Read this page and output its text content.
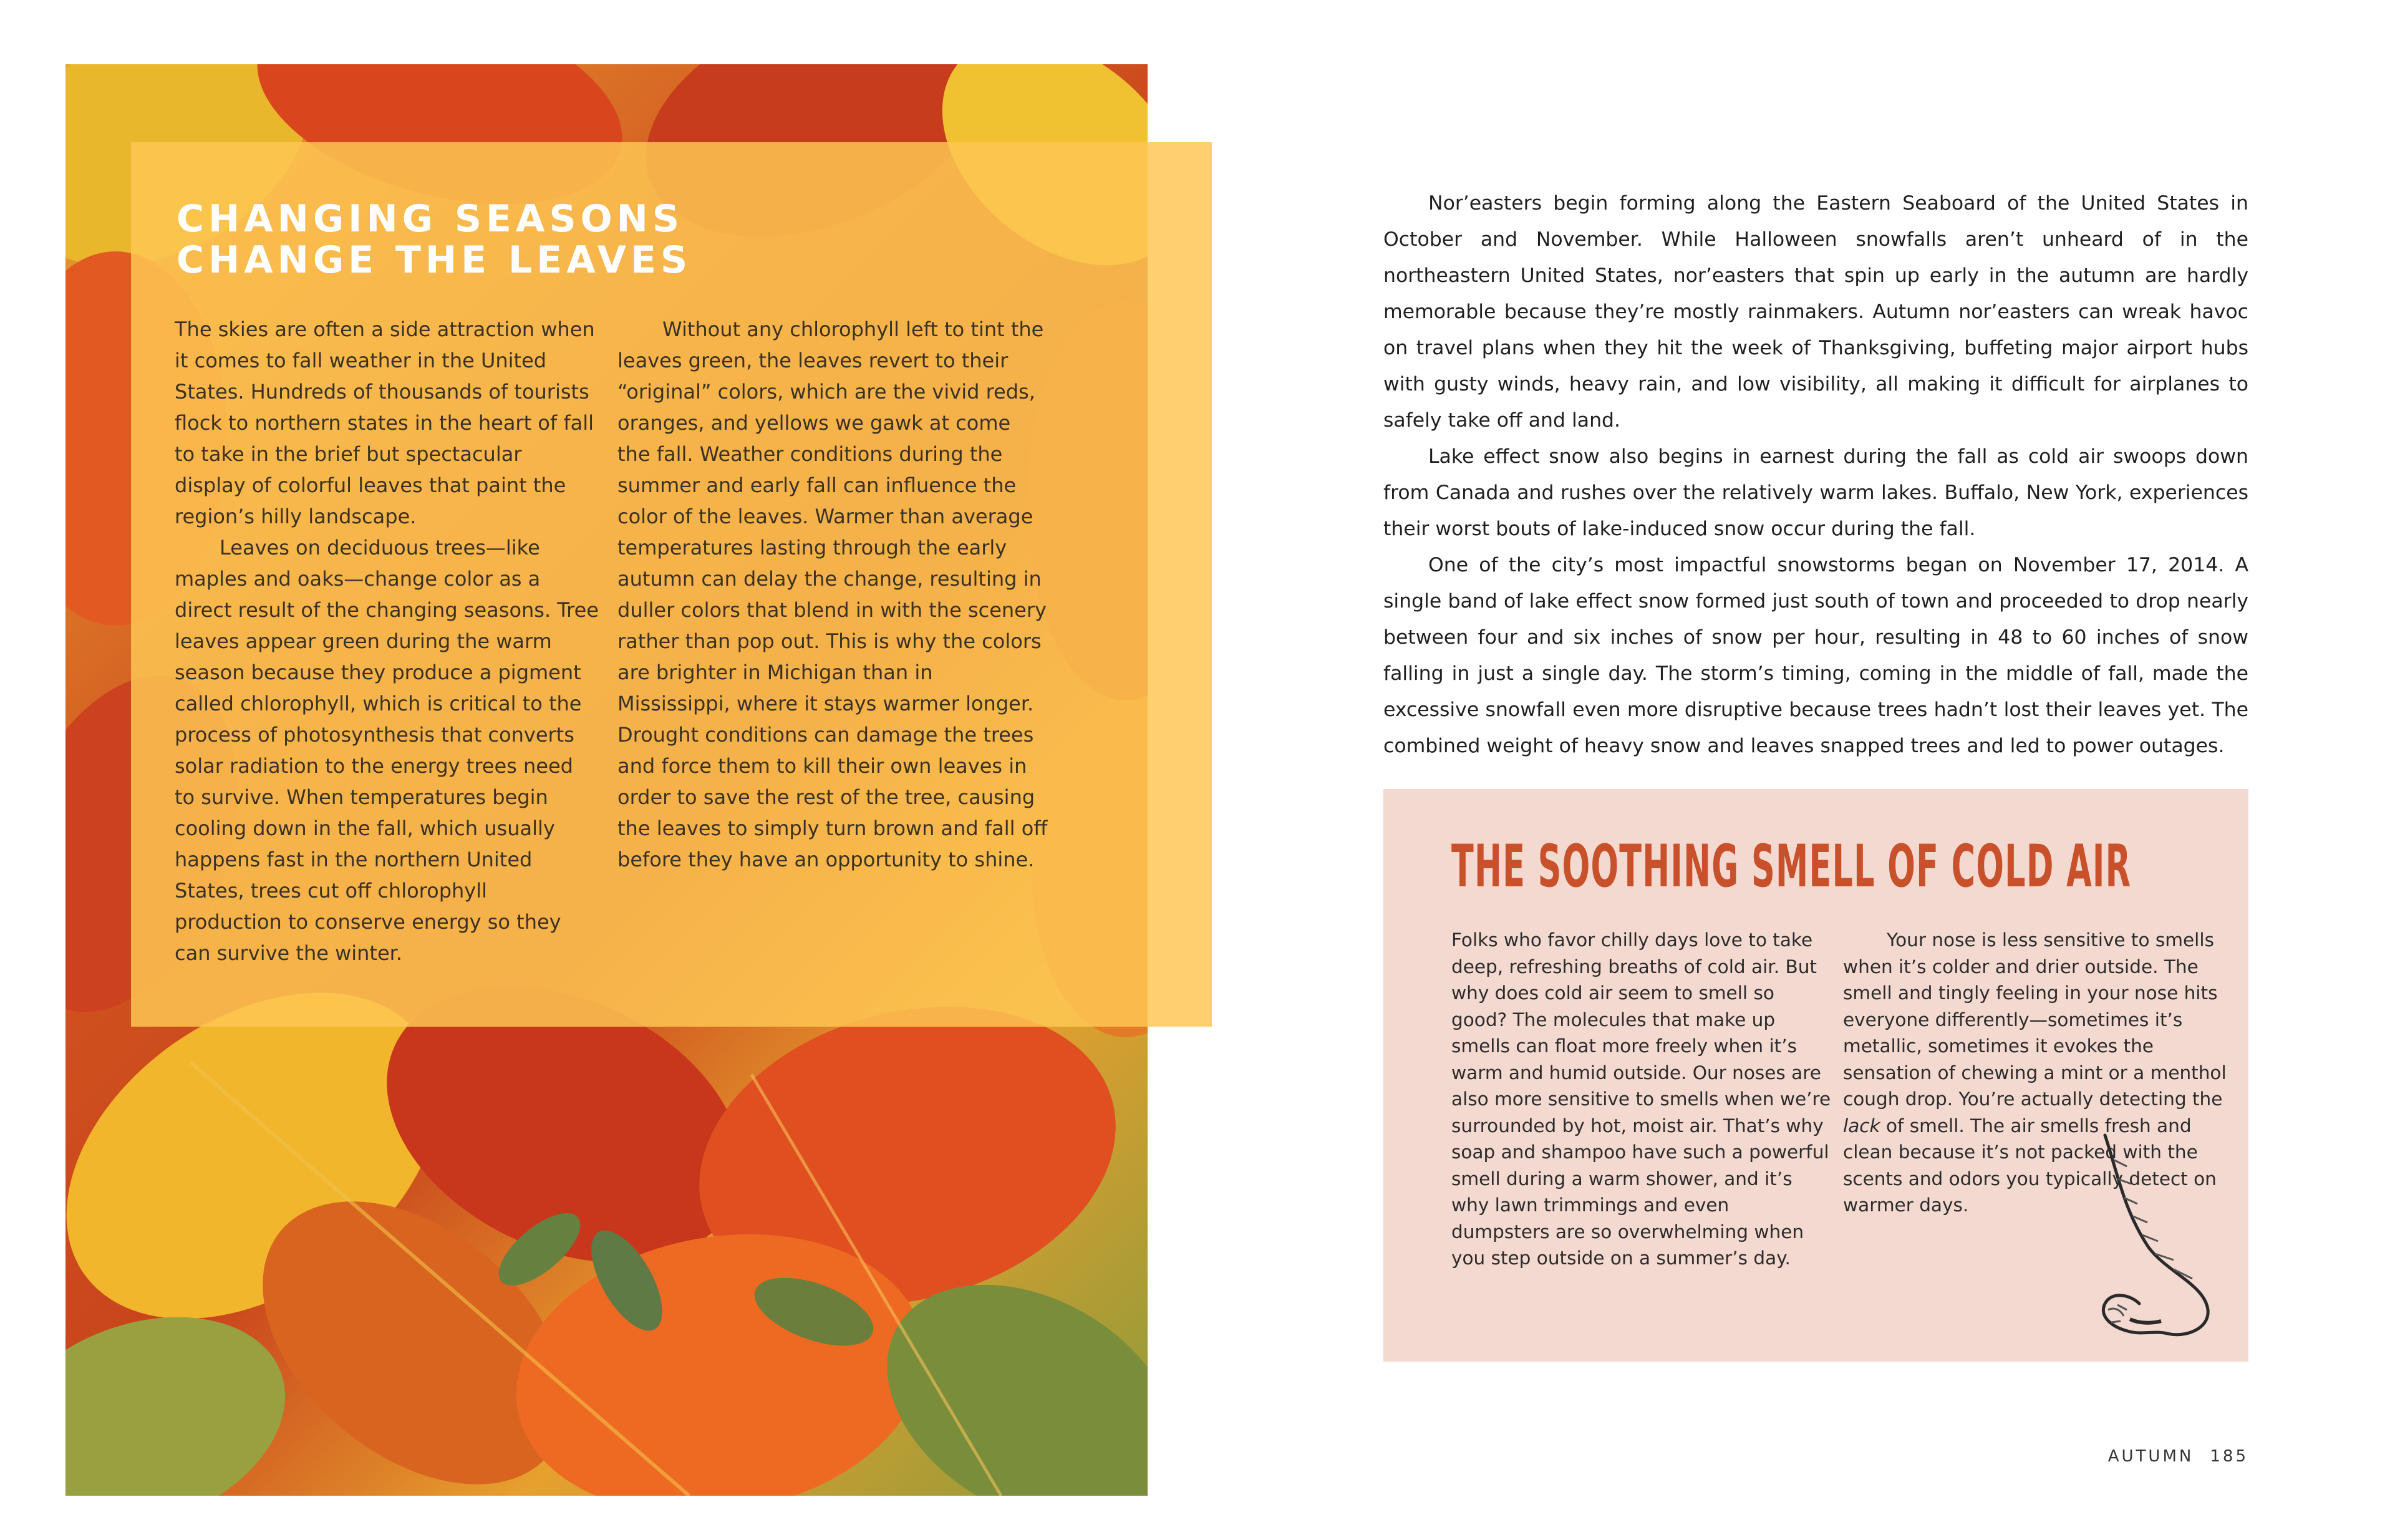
CHANGING SEASONS
CHANGE THE LEAVES

The skies are often a side attraction when it comes to fall weather in the United States. Hundreds of thousands of tourists flock to northern states in the heart of fall to take in the brief but spectacular display of colorful leaves that paint the region’s hilly landscape.

Leaves on deciduous trees—like maples and oaks—change color as a direct result of the changing seasons. Tree leaves appear green during the warm season because they produce a pigment called chlorophyll, which is critical to the process of photosynthesis that converts solar radiation to the energy trees need to survive. When temperatures begin cooling down in the fall, which usually happens fast in the northern United States, trees cut off chlorophyll production to conserve energy so they can survive the winter.

Without any chlorophyll left to tint the leaves green, the leaves revert to their “original” colors, which are the vivid reds, oranges, and yellows we gawk at come the fall. Weather conditions during the summer and early fall can influence the color of the leaves. Warmer than average temperatures lasting through the early autumn can delay the change, resulting in duller colors that blend in with the scenery rather than pop out. This is why the colors are brighter in Michigan than in Mississippi, where it stays warmer longer. Drought conditions can damage the trees and force them to kill their own leaves in order to save the rest of the tree, causing the leaves to simply turn brown and fall off before they have an opportunity to shine.

Nor’easters begin forming along the Eastern Seaboard of the United States in October and November. While Halloween snowfalls aren’t unheard of in the northeastern United States, nor’easters that spin up early in the autumn are hardly memorable because they’re mostly rainmakers. Autumn nor’easters can wreak havoc on travel plans when they hit the week of Thanksgiving, buffeting major airport hubs with gusty winds, heavy rain, and low visibility, all making it difficult for airplanes to safely take off and land.

Lake effect snow also begins in earnest during the fall as cold air swoops down from Canada and rushes over the relatively warm lakes. Buffalo, New York, experiences their worst bouts of lake-induced snow occur during the fall.

One of the city’s most impactful snowstorms began on November 17, 2014. A single band of lake effect snow formed just south of town and proceeded to drop nearly between four and six inches of snow per hour, resulting in 48 to 60 inches of snow falling in just a single day. The storm’s timing, coming in the middle of fall, made the excessive snowfall even more disruptive because trees hadn’t lost their leaves yet. The combined weight of heavy snow and leaves snapped trees and led to power outages.

THE SOOTHING SMELL OF COLD AIR

Folks who favor chilly days love to take deep, refreshing breaths of cold air. But why does cold air seem to smell so good? The molecules that make up smells can float more freely when it’s warm and humid outside. Our noses are also more sensitive to smells when we’re surrounded by hot, moist air. That’s why soap and shampoo have such a powerful smell during a warm shower, and it’s why lawn trimmings and even dumpsters are so overwhelming when you step outside on a summer’s day.

Your nose is less sensitive to smells when it’s colder and drier outside. The smell and tingly feeling in your nose hits everyone differently—sometimes it’s metallic, sometimes it evokes the sensation of chewing a mint or a menthol cough drop. You’re actually detecting the lack of smell. The air smells fresh and clean because it’s not packed with the scents and odors you typically detect on warmer days.

AUTUMN 185
